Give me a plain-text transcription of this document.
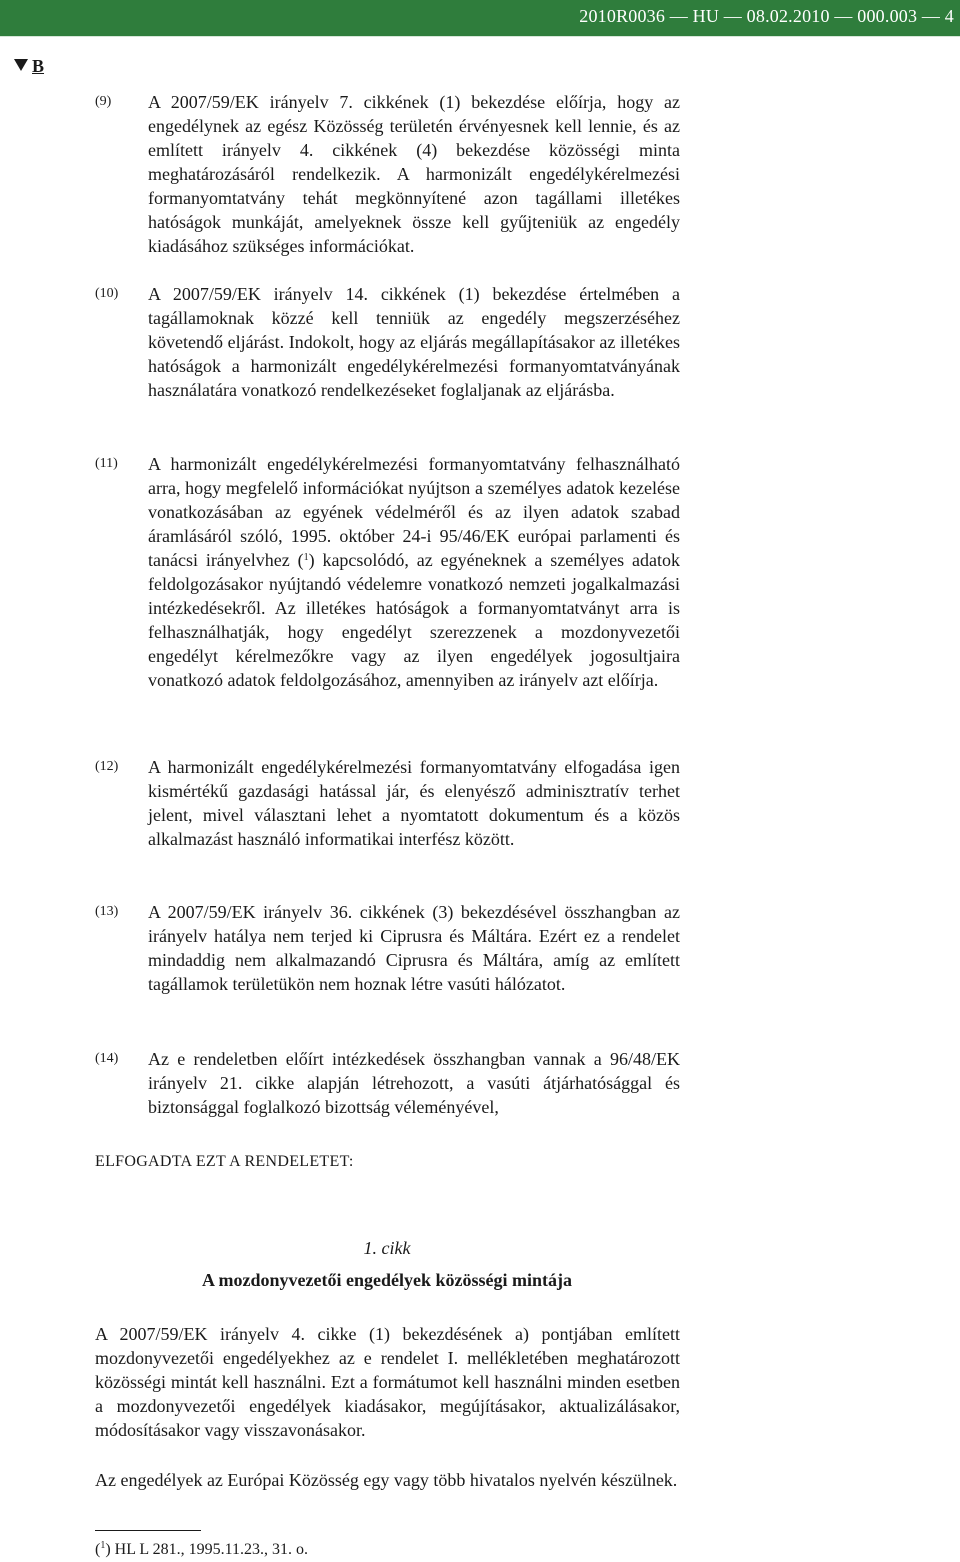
2010R0036 — HU — 08.02.2010 — 000.003 — 4
B
(9) A 2007/59/EK irányelv 7. cikkének (1) bekezdése előírja, hogy az engedélynek az egész Közösség területén érvényesnek kell lennie, és az említett irányelv 4. cikkének (4) bekezdése közösségi minta meghatározásáról rendelkezik. A harmonizált engedélykérelmezési formanyomtatvány tehát megkönnyítené azon tagállami illetékes hatóságok munkáját, amelyeknek össze kell gyűjteniük az engedély kiadásához szükséges információkat.
(10) A 2007/59/EK irányelv 14. cikkének (1) bekezdése értelmében a tagállamoknak közzé kell tenniük az engedély megszerzéséhez követendő eljárást. Indokolt, hogy az eljárás megállapításakor az illetékes hatóságok a harmonizált engedélykérelmezési formanyomtatványának használatára vonatkozó rendelkezéseket foglaljanak az eljárásba.
(11) A harmonizált engedélykérelmezési formanyomtatvány felhasználható arra, hogy megfelelő információkat nyújtson a személyes adatok kezelése vonatkozásában az egyének védelméről és az ilyen adatok szabad áramlásáról szóló, 1995. október 24-i 95/46/EK európai parlamenti és tanácsi irányelvhez ($^1$) kapcsolódó, az egyéneknek a személyes adatok feldolgozásakor nyújtandó védelemre vonatkozó nemzeti jogalkalmazási intézkedésekről. Az illetékes hatóságok a formanyomtatványt arra is felhasználhatják, hogy engedélyt szerezzenek a mozdonyvezetői engedélyt kérelmezőkre vagy az ilyen engedélyek jogosultjaira vonatkozó adatok feldolgozásához, amennyiben az irányelv azt előírja.
(12) A harmonizált engedélykérelmezési formanyomtatvány elfogadása igen kismértékű gazdasági hatással jár, és elenyésző adminisztratív terhet jelent, mivel választani lehet a nyomtatott dokumentum és a közös alkalmazást használó informatikai interfész között.
(13) A 2007/59/EK irányelv 36. cikkének (3) bekezdésével összhangban az irányelv hatálya nem terjed ki Ciprusra és Máltára. Ezért ez a rendelet mindaddig nem alkalmazandó Ciprusra és Máltára, amíg az említett tagállamok területükön nem hoznak létre vasúti hálózatot.
(14) Az e rendeletben előírt intézkedések összhangban vannak a 96/48/EK irányelv 21. cikke alapján létrehozott, a vasúti átjárhatósággal és biztonsággal foglalkozó bizottság véleményével,
ELFOGADTA EZT A RENDELETET:
1. cikk
A mozdonyvezetői engedélyek közösségi mintája
A 2007/59/EK irányelv 4. cikke (1) bekezdésének a) pontjában említett mozdonyvezetői engedélyekhez az e rendelet I. mellékletében meghatározott közösségi mintát kell használni. Ezt a formátumot kell használni minden esetben a mozdonyvezetői engedélyek kiadásakor, megújításakor, aktualizálásakor, módosításakor vagy visszavonásakor.
Az engedélyek az Európai Közösség egy vagy több hivatalos nyelvén készülnek.
($^1$) HL L 281., 1995.11.23., 31. o.
